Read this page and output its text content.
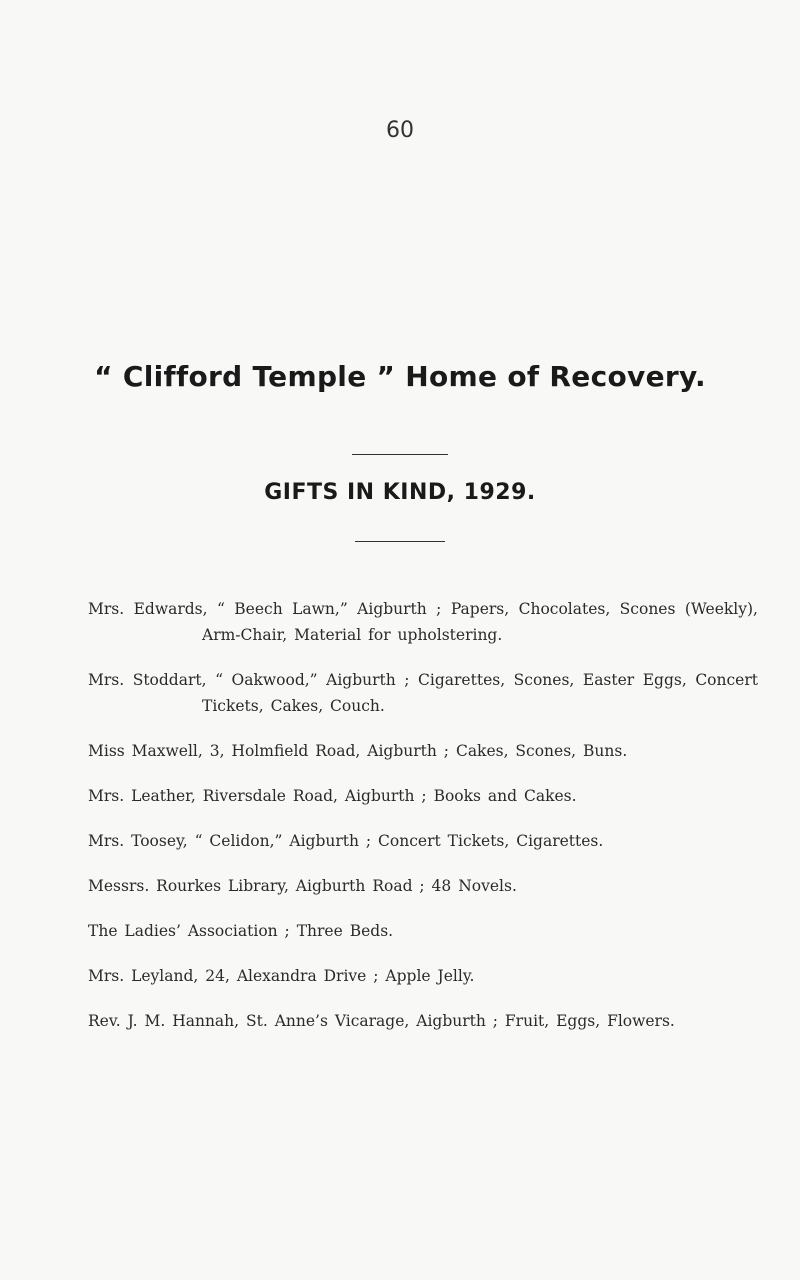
60
“ Clifford Temple ” Home of Recovery.
GIFTS IN KIND, 1929.

Mrs. Edwards, “ Beech Lawn,” Aigburth ; Papers, Chocolates, Scones (Weekly), Arm-Chair, Material for upholstering.

Mrs. Stoddart, “ Oakwood,” Aigburth ; Cigarettes, Scones, Easter Eggs, Concert Tickets, Cakes, Couch.

Miss Maxwell, 3, Holmfield Road, Aigburth ; Cakes, Scones, Buns.

Mrs. Leather, Riversdale Road, Aigburth ; Books and Cakes.

Mrs. Toosey, “ Celidon,” Aigburth ; Concert Tickets, Cigarettes.

Messrs. Rourkes Library, Aigburth Road ; 48 Novels.

The Ladies’ Association ; Three Beds.

Mrs. Leyland, 24, Alexandra Drive ; Apple Jelly.

Rev. J. M. Hannah, St. Anne’s Vicarage, Aigburth ; Fruit, Eggs, Flowers.
